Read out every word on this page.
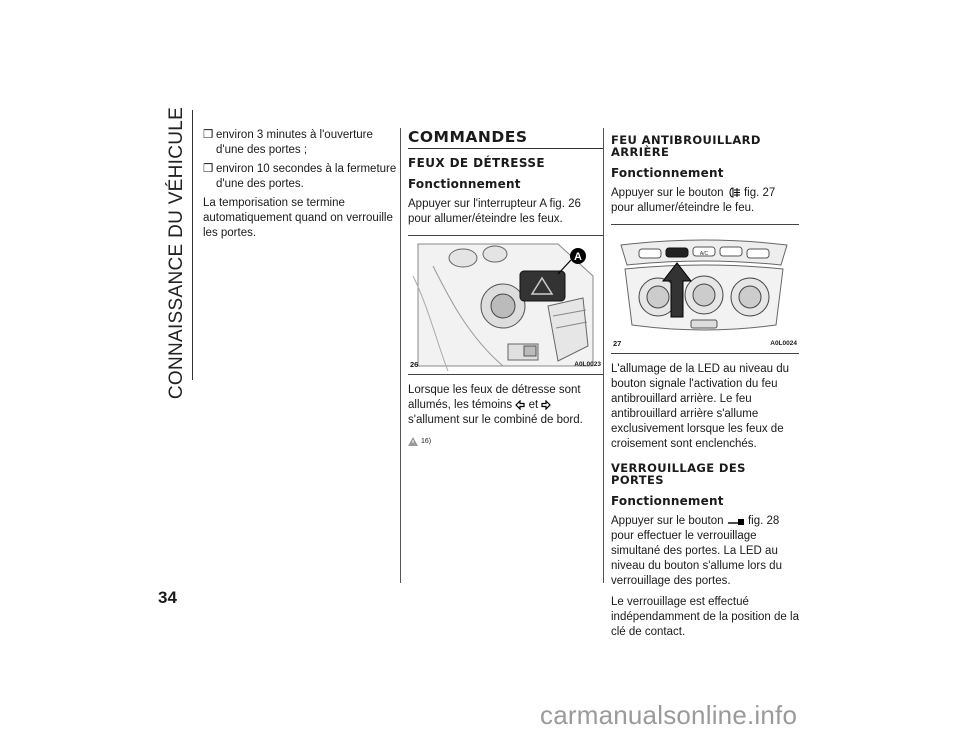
CONNAISSANCE DU VÉHICULE
34
❒ environ 3 minutes à l'ouverture d'une des portes ;
❒ environ 10 secondes à la fermeture d'une des portes.

La temporisation se termine automatiquement quand on verrouille les portes.

COMMANDES
FEUX DE DÉTRESSE
Fonctionnement

Appuyer sur l'interrupteur A fig. 26 pour allumer/éteindre les feux.

A
26	A0L0023

Lorsque les feux de détresse sont allumés, les témoins et  s'allument sur le combiné de bord.

16)
FEU ANTIBROUILLARD ARRIÈRE
Fonctionnement

Appuyer sur le bouton fig. 27 pour allumer/éteindre le feu.

A/C
27	A0L0024

L'allumage de la LED au niveau du bouton signale l'activation du feu antibrouillard arrière. Le feu antibrouillard arrière s'allume exclusivement lorsque les feux de croisement sont enclenchés.

VERROUILLAGE DES PORTES
Fonctionnement

Appuyer sur le bouton fig. 28 pour effectuer le verrouillage simultané des portes. La LED au niveau du bouton s'allume lors du verrouillage des portes.

Le verrouillage est effectué indépendamment de la position de la clé de contact.

carmanualsonline.info
